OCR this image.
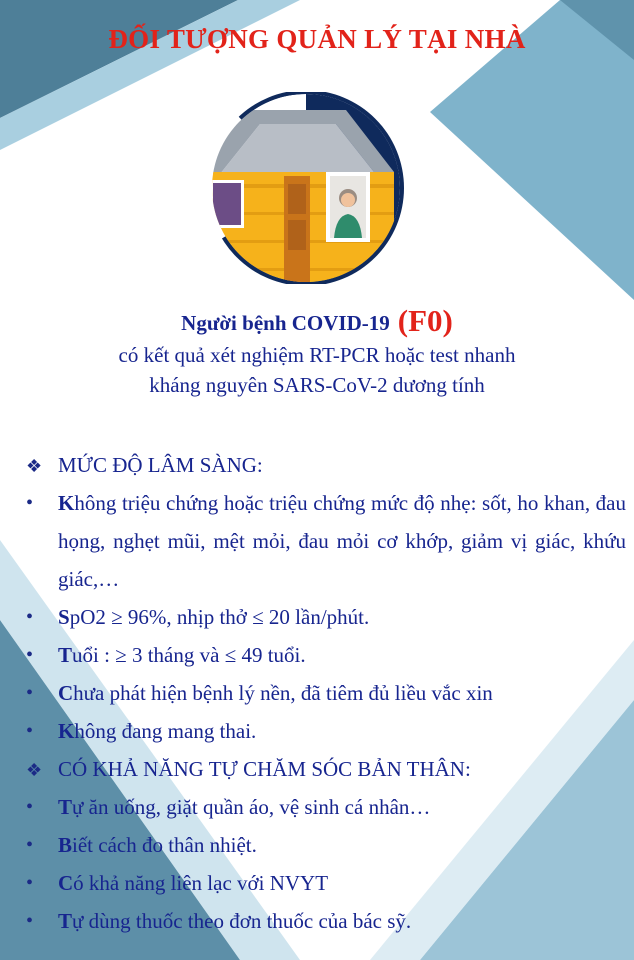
ĐỐI TƯỢNG QUẢN LÝ TẠI NHÀ
Người bệnh COVID-19 (F0)
có kết quả xét nghiệm RT-PCR hoặc test nhanh
kháng nguyên SARS-CoV-2 dương tính
❖ MỨC ĐỘ LÂM SÀNG:
•	Không triệu chứng hoặc triệu chứng mức độ nhẹ: sốt, ho khan, đau họng, nghẹt mũi, mệt mỏi, đau mỏi cơ khớp, giảm vị giác, khứu giác,…
•	SpO2 ≥ 96%, nhịp thở ≤ 20 lần/phút.
•	Tuổi : ≥ 3 tháng và ≤ 49 tuổi.
•	Chưa phát hiện bệnh lý nền, đã tiêm đủ liều vắc xin
•	Không đang mang thai.
❖ CÓ KHẢ NĂNG TỰ CHĂM SÓC BẢN THÂN:
•	Tự ăn uống, giặt quần áo, vệ sinh cá nhân…
•	Biết cách đo thân nhiệt.
•	Có khả năng liên lạc với NVYT
•	Tự dùng thuốc theo đơn thuốc của bác sỹ.
